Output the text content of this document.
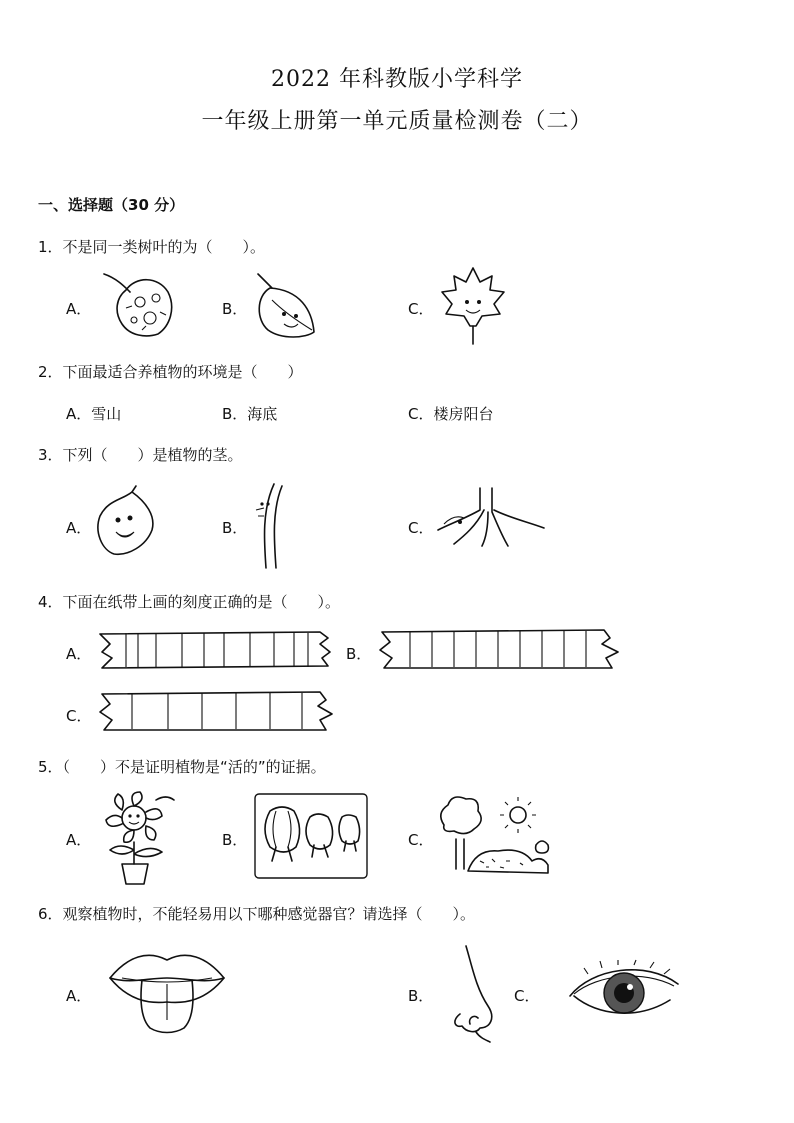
2022 年科教版小学科学
一年级上册第一单元质量检测卷（二）
一、选择题（30 分）
1．不是同一类树叶的为（　　）。
A．	B．	C．
2．下面最适合养植物的环境是（　　）
A．雪山	B．海底	C．楼房阳台
3．下列（　　）是植物的茎。
A．	B．	C．
4．下面在纸带上画的刻度正确的是（　　）。
A．	B．
C．
5．（　　）不是证明植物是“活的”的证据。
A．	B．	C．
6．观察植物时，不能轻易用以下哪种感觉器官？请选择（　　）。
A．	B．	C．
